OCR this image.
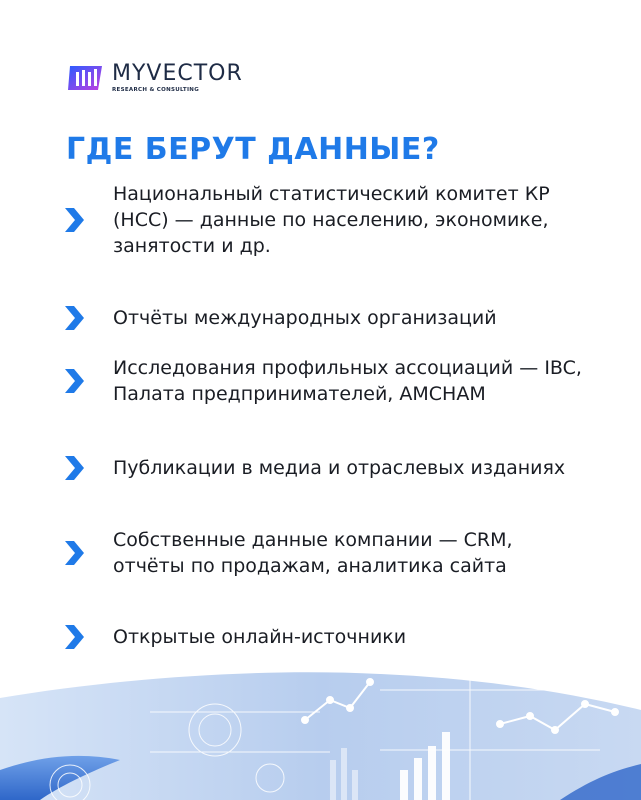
MYVECTOR
RESEARCH & CONSULTING
ГДЕ БЕРУТ ДАННЫЕ?
Национальный статистический комитет КР (НСС) — данные по населению, экономике, занятости и др.
Отчёты международных организаций
Исследования профильных ассоциаций — IBC, Палата предпринимателей, AMCHAM
Публикации в медиа и отраслевых изданиях
Собственные данные компании — CRM, отчёты по продажам, аналитика сайта
Открытые онлайн-источники
